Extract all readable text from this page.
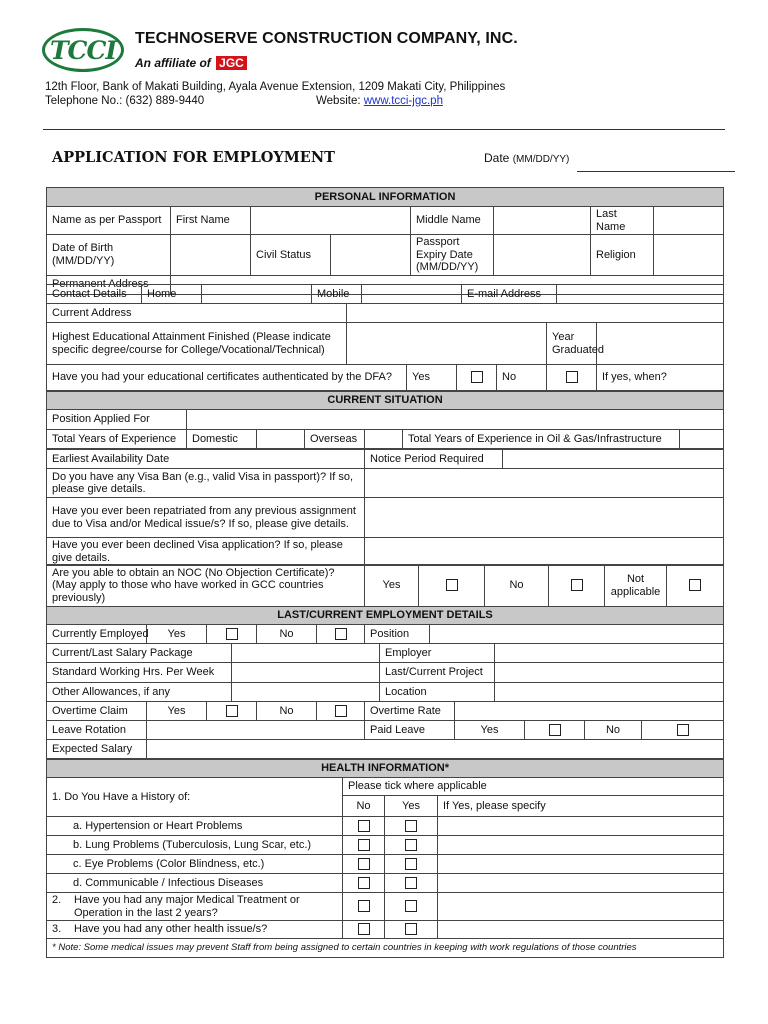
TCCI TECHNOSERVE CONSTRUCTION COMPANY, INC.
An affiliate of JGC
12th Floor, Bank of Makati Building, Ayala Avenue Extension, 1209 Makati City, Philippines
Telephone No.: (632) 889-9440	Website: www.tcci-jgc.ph
APPLICATION FOR EMPLOYMENT	Date (MM/DD/YY)
PERSONAL INFORMATION							
Name as per Passport	First Name			Middle Name		Last Name	
Date of Birth (MM/DD/YY)		Civil Status		Passport Expiry Date (MM/DD/YY)		Religion	
Permanent Address							
Contact Details	Home		Mobile		E-mail Address	
Current Address						
Highest Educational Attainment Finished (Please indicate specific degree/course for College/Vocational/Technical)					Year Graduated	
Have you had your educational certificates authenticated by the DFA?		Yes		No		If yes, when?
CURRENT SITUATION						
Position Applied For						
Total Years of Experience	Domestic		Overseas		Total Years of Experience in Oil & Gas/Infrastructure	
Earliest Availability Date	Notice Period Required	
Do you have any Visa Ban (e.g., valid Visa in passport)? If so, please give details.	
Have you ever been repatriated from any previous assignment due to Visa and/or Medical issue/s? If so, please give details.	
Have you ever been declined Visa application? If so, please give details.	
Are you able to obtain an NOC (No Objection Certificate)? (May apply to those who have worked in GCC countries previously)	Yes		No		Not applicable	
LAST/CURRENT EMPLOYMENT DETAILS
Currently Employed	Yes		No		Position	
Current/Last Salary Package		Employer	
Standard Working Hrs. Per Week		Last/Current Project	
Other Allowances, if any		Location	
Overtime Claim	Yes		No		Overtime Rate				
Leave Rotation					Paid Leave	Yes		No	
Expected Salary									
HEALTH INFORMATION*			
1. Do You Have a History of:	Please tick where applicable		
	No	Yes	If Yes, please specify
a. Hypertension or Heart Problems			
b. Lung Problems (Tuberculosis, Lung Scar, etc.)			
c. Eye Problems (Color Blindness, etc.)			
d. Communicable / Infectious Diseases			

2. Have you had any major Medical Treatment or Operation in the last 2 years?			

3. Have you had any other health issue/s?			

* Note: Some medical issues may prevent Staff from being assigned to certain countries in keeping with work regulations of those countries			
